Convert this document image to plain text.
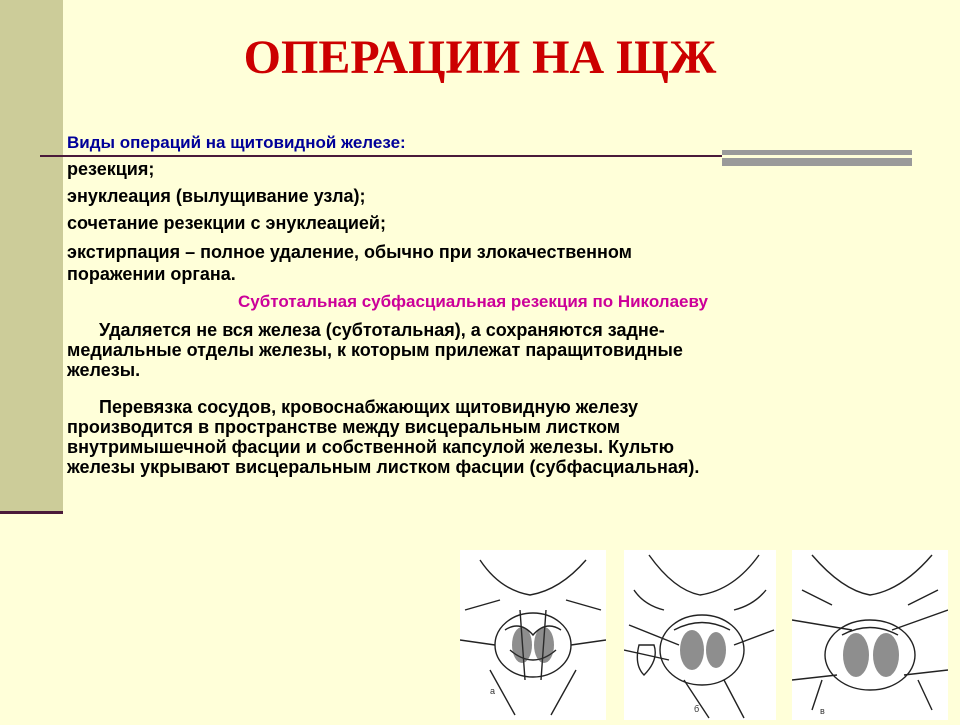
ОПЕРАЦИИ НА ЩЖ
Виды операций на щитовидной железе:
резекция;
энуклеация (вылущивание узла);
сочетание резекции с энуклеацией;
экстирпация – полное удаление, обычно при злокачественном
поражении органа.
Субтотальная субфасциальная резекция по Николаеву
Удаляется не вся железа (субтотальная), а сохраняются задне-
медиальные отделы железы, к которым прилежат паращитовидные
железы.
Перевязка сосудов, кровоснабжающих щитовидную железу
производится в пространстве между висцеральным листком
внутримышечной фасции и собственной капсулой железы. Культю
железы укрывают висцеральным листком фасции (субфасциальная).
а
б	в
